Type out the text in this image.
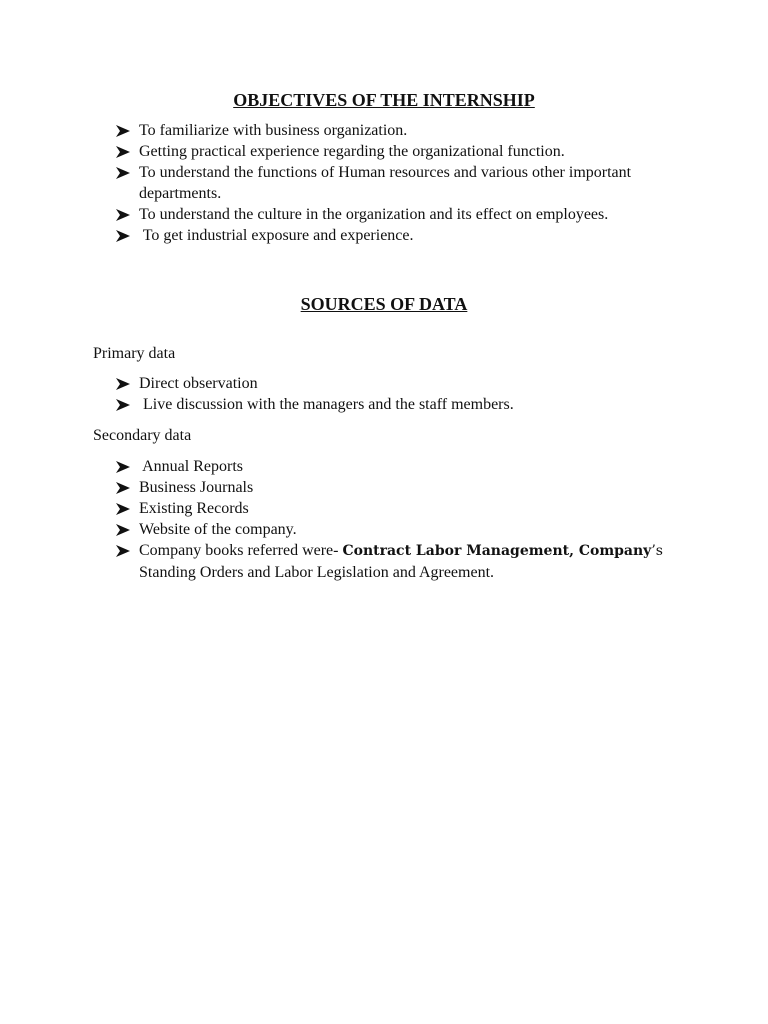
OBJECTIVES OF THE INTERNSHIP
To familiarize with business organization.
Getting practical experience regarding the organizational function.
To understand the functions of Human resources and various other important departments.
To understand the culture in the organization and its effect on employees.
To get industrial exposure and experience.
SOURCES OF DATA

Primary data

Direct observation
Live discussion with the managers and the staff members.

Secondary data

Annual Reports
Business Journals
Existing Records
Website of the company.
Company books referred were- Contract Labor Management, Company’s Standing Orders and Labor Legislation and Agreement.
